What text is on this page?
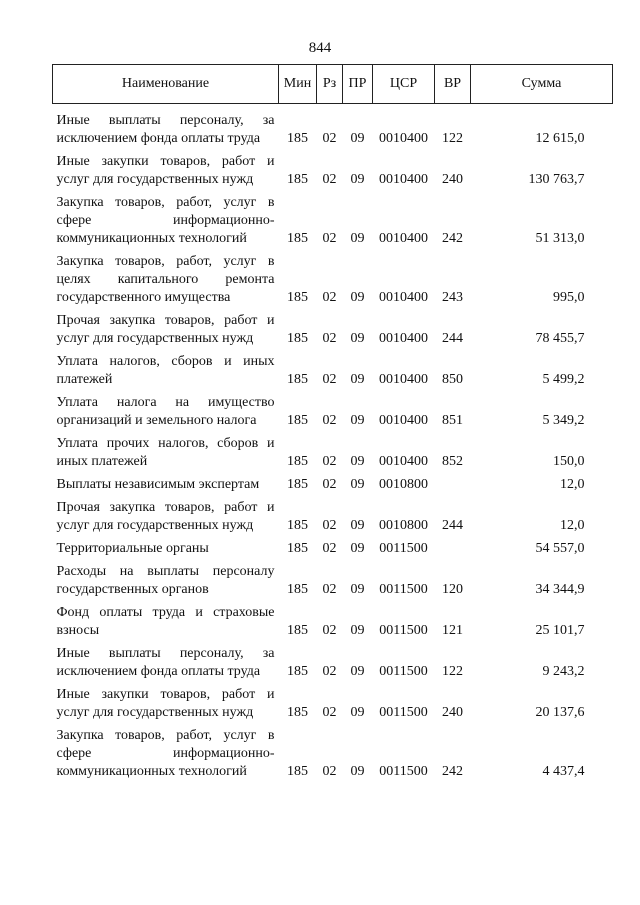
844
Наименование	Мин	Рз	ПР	ЦСР	ВР	Сумма
Иные выплаты персоналу, за исключением фонда оплаты труда	185	02	09	0010400	122	12 615,0
Иные закупки товаров, работ и услуг для государственных нужд	185	02	09	0010400	240	130 763,7
Закупка товаров, работ, услуг в сфере информационно-коммуникационных технологий	185	02	09	0010400	242	51 313,0
Закупка товаров, работ, услуг в целях капитального ремонта государственного имущества	185	02	09	0010400	243	995,0
Прочая закупка товаров, работ и услуг для государственных нужд	185	02	09	0010400	244	78 455,7
Уплата налогов, сборов и иных платежей	185	02	09	0010400	850	5 499,2
Уплата налога на имущество организаций и земельного налога	185	02	09	0010400	851	5 349,2
Уплата прочих налогов, сборов и иных платежей	185	02	09	0010400	852	150,0
Выплаты независимым экспертам	185	02	09	0010800		12,0
Прочая закупка товаров, работ и услуг для государственных нужд	185	02	09	0010800	244	12,0
Территориальные органы	185	02	09	0011500		54 557,0
Расходы на выплаты персоналу государственных органов	185	02	09	0011500	120	34 344,9
Фонд оплаты труда и страховые взносы	185	02	09	0011500	121	25 101,7
Иные выплаты персоналу, за исключением фонда оплаты труда	185	02	09	0011500	122	9 243,2
Иные закупки товаров, работ и услуг для государственных нужд	185	02	09	0011500	240	20 137,6
Закупка товаров, работ, услуг в сфере информационно-коммуникационных технологий	185	02	09	0011500	242	4 437,4
